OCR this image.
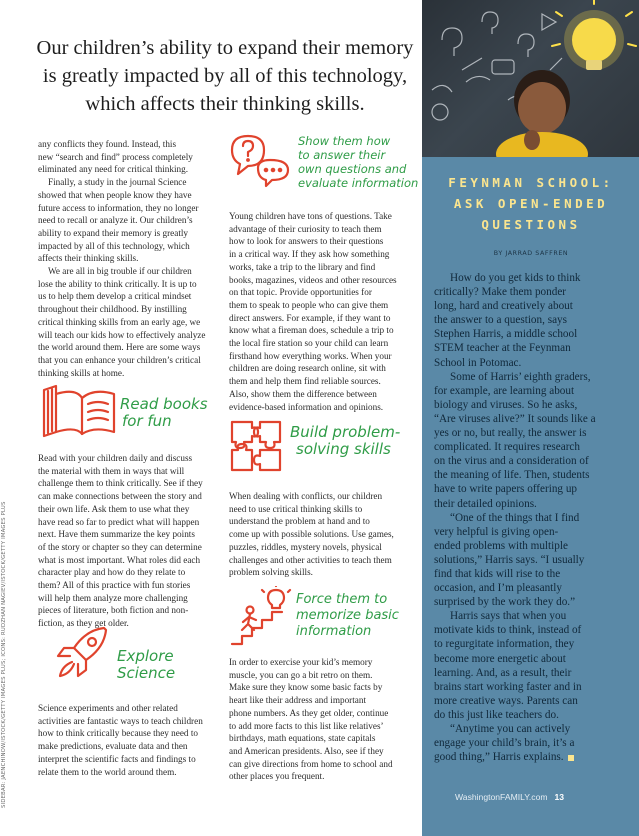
Our children’s ability to expand their memory
is greatly impacted by all of this technology,
which affects their thinking skills.
SIDEBAR: JAENCHINOW/ISTOCK/GETTY IMAGES PLUS; ICONS: RUDZHAN NAGIEV/ISTOCK/GETTY IMAGES PLUS

any conflicts they found. Instead, this

new “search and find” process completely

eliminated any need for critical thinking.

Finally, a study in the journal Science

showed that when people know they have

future access to information, they no longer

need to recall or analyze it. Our children’s

ability to expand their memory is greatly

impacted by all of this technology, which

affects their thinking skills.

We are all in big trouble if our children

lose the ability to think critically. It is up to

us to help them develop a critical mindset

throughout their childhood. By instilling

critical thinking skills from an early age, we

will teach our kids how to effectively analyze

the world around them. Here are some ways

that you can enhance your children’s critical

thinking skills at home.

Read books
for fun

Read with your children daily and discuss

the material with them in ways that will

challenge them to think critically. See if they

can make connections between the story and

their own life. Ask them to use what they

have read so far to predict what will happen

next. Have them summarize the key points

of the story or chapter so they can determine

what is most important. What roles did each

character play and how do they relate to

them? All of this practice with fun stories

will help them analyze more challenging

pieces of literature, both fiction and non-

fiction, as they get older.

Explore
Science

Science experiments and other related

activities are fantastic ways to teach children

how to think critically because they need to

make predictions, evaluate data and then

interpret the scientific facts and findings to

relate them to the world around them.

Show them how
to answer their
own questions and
evaluate information

Young children have tons of questions. Take

advantage of their curiosity to teach them

how to look for answers to their questions

in a critical way. If they ask how something

works, take a trip to the library and find

books, magazines, videos and other resources

on that topic. Provide opportunities for

them to speak to people who can give them

direct answers. For example, if they want to

know what a fireman does, schedule a trip to

the local fire station so your child can learn

firsthand how everything works. When your

children are doing research online, sit with

them and help them find reliable sources.

Also, show them the difference between

evidence-based information and opinions.

Build problem-
solving skills

When dealing with conflicts, our children

need to use critical thinking skills to

understand the problem at hand and to

come up with possible solutions. Use games,

puzzles, riddles, mystery novels, physical

challenges and other activities to teach them

problem solving skills.

Force them to
memorize basic
information

In order to exercise your kid’s memory

muscle, you can go a bit retro on them.

Make sure they know some basic facts by

heart like their address and important

phone numbers. As they get older, continue

to add more facts to this list like relatives’

birthdays, math equations, state capitals

and American presidents. Also, see if they

can give directions from home to school and

other places you frequent.

FEYNMAN SCHOOL:
ASK OPEN-ENDED
QUESTIONS
BY JARRAD SAFFREN

How do you get kids to think

critically? Make them ponder

long, hard and creatively about

the answer to a question, says

Stephen Harris, a middle school

STEM teacher at the Feynman

School in Potomac.

Some of Harris’ eighth graders,

for example, are learning about

biology and viruses. So he asks,

“Are viruses alive?” It sounds like a

yes or no, but really, the answer is

complicated. It requires research

on the virus and a consideration of

the meaning of life. Then, students

have to write papers offering up

their detailed opinions.

“One of the things that I find

very helpful is giving open-

ended problems with multiple

solutions,” Harris says. “I usually

find that kids will rise to the

occasion, and I’m pleasantly

surprised by the work they do.”

Harris says that when you

motivate kids to think, instead of

to regurgitate information, they

become more energetic about

learning. And, as a result, their

brains start working faster and in

more creative ways. Parents can

do this just like teachers do.

“Anytime you can actively

engage your child’s brain, it’s a

good thing,” Harris explains.

WashingtonFAMILY.com 13
